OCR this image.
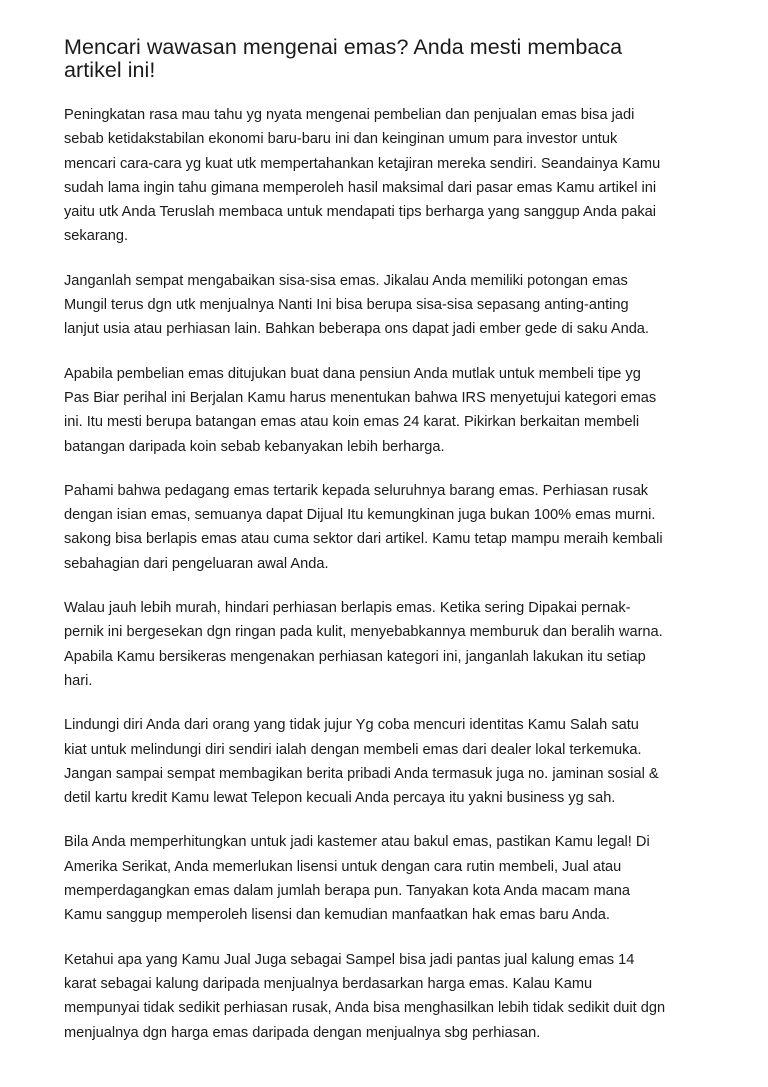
Mencari wawasan mengenai emas? Anda mesti membaca
artikel ini!

Peningkatan rasa mau tahu yg nyata mengenai pembelian dan penjualan emas bisa jadi
sebab ketidakstabilan ekonomi baru-baru ini dan keinginan umum para investor untuk
mencari cara-cara yg kuat utk mempertahankan ketajiran mereka sendiri. Seandainya Kamu
sudah lama ingin tahu gimana memperoleh hasil maksimal dari pasar emas Kamu artikel ini
yaitu utk Anda Teruslah membaca untuk mendapati tips berharga yang sanggup Anda pakai
sekarang.

Janganlah sempat mengabaikan sisa-sisa emas. Jikalau Anda memiliki potongan emas
Mungil terus dgn utk menjualnya Nanti Ini bisa berupa sisa-sisa sepasang anting-anting
lanjut usia atau perhiasan lain. Bahkan beberapa ons dapat jadi ember gede di saku Anda.

Apabila pembelian emas ditujukan buat dana pensiun Anda mutlak untuk membeli tipe yg
Pas Biar perihal ini Berjalan Kamu harus menentukan bahwa IRS menyetujui kategori emas
ini. Itu mesti berupa batangan emas atau koin emas 24 karat. Pikirkan berkaitan membeli
batangan daripada koin sebab kebanyakan lebih berharga.

Pahami bahwa pedagang emas tertarik kepada seluruhnya barang emas. Perhiasan rusak
dengan isian emas, semuanya dapat Dijual Itu kemungkinan juga bukan 100% emas murni.
sakong bisa berlapis emas atau cuma sektor dari artikel. Kamu tetap mampu meraih kembali
sebahagian dari pengeluaran awal Anda.

Walau jauh lebih murah, hindari perhiasan berlapis emas. Ketika sering Dipakai pernak-
pernik ini bergesekan dgn ringan pada kulit, menyebabkannya memburuk dan beralih warna.
Apabila Kamu bersikeras mengenakan perhiasan kategori ini, janganlah lakukan itu setiap
hari.

Lindungi diri Anda dari orang yang tidak jujur Yg coba mencuri identitas Kamu Salah satu
kiat untuk melindungi diri sendiri ialah dengan membeli emas dari dealer lokal terkemuka.
Jangan sampai sempat membagikan berita pribadi Anda termasuk juga no. jaminan sosial &
detil kartu kredit Kamu lewat Telepon kecuali Anda percaya itu yakni business yg sah.

Bila Anda memperhitungkan untuk jadi kastemer atau bakul emas, pastikan Kamu legal! Di
Amerika Serikat, Anda memerlukan lisensi untuk dengan cara rutin membeli, Jual atau
memperdagangkan emas dalam jumlah berapa pun. Tanyakan kota Anda macam mana
Kamu sanggup memperoleh lisensi dan kemudian manfaatkan hak emas baru Anda.

Ketahui apa yang Kamu Jual Juga sebagai Sampel bisa jadi pantas jual kalung emas 14
karat sebagai kalung daripada menjualnya berdasarkan harga emas. Kalau Kamu
mempunyai tidak sedikit perhiasan rusak, Anda bisa menghasilkan lebih tidak sedikit duit dgn
menjualnya dgn harga emas daripada dengan menjualnya sbg perhiasan.
